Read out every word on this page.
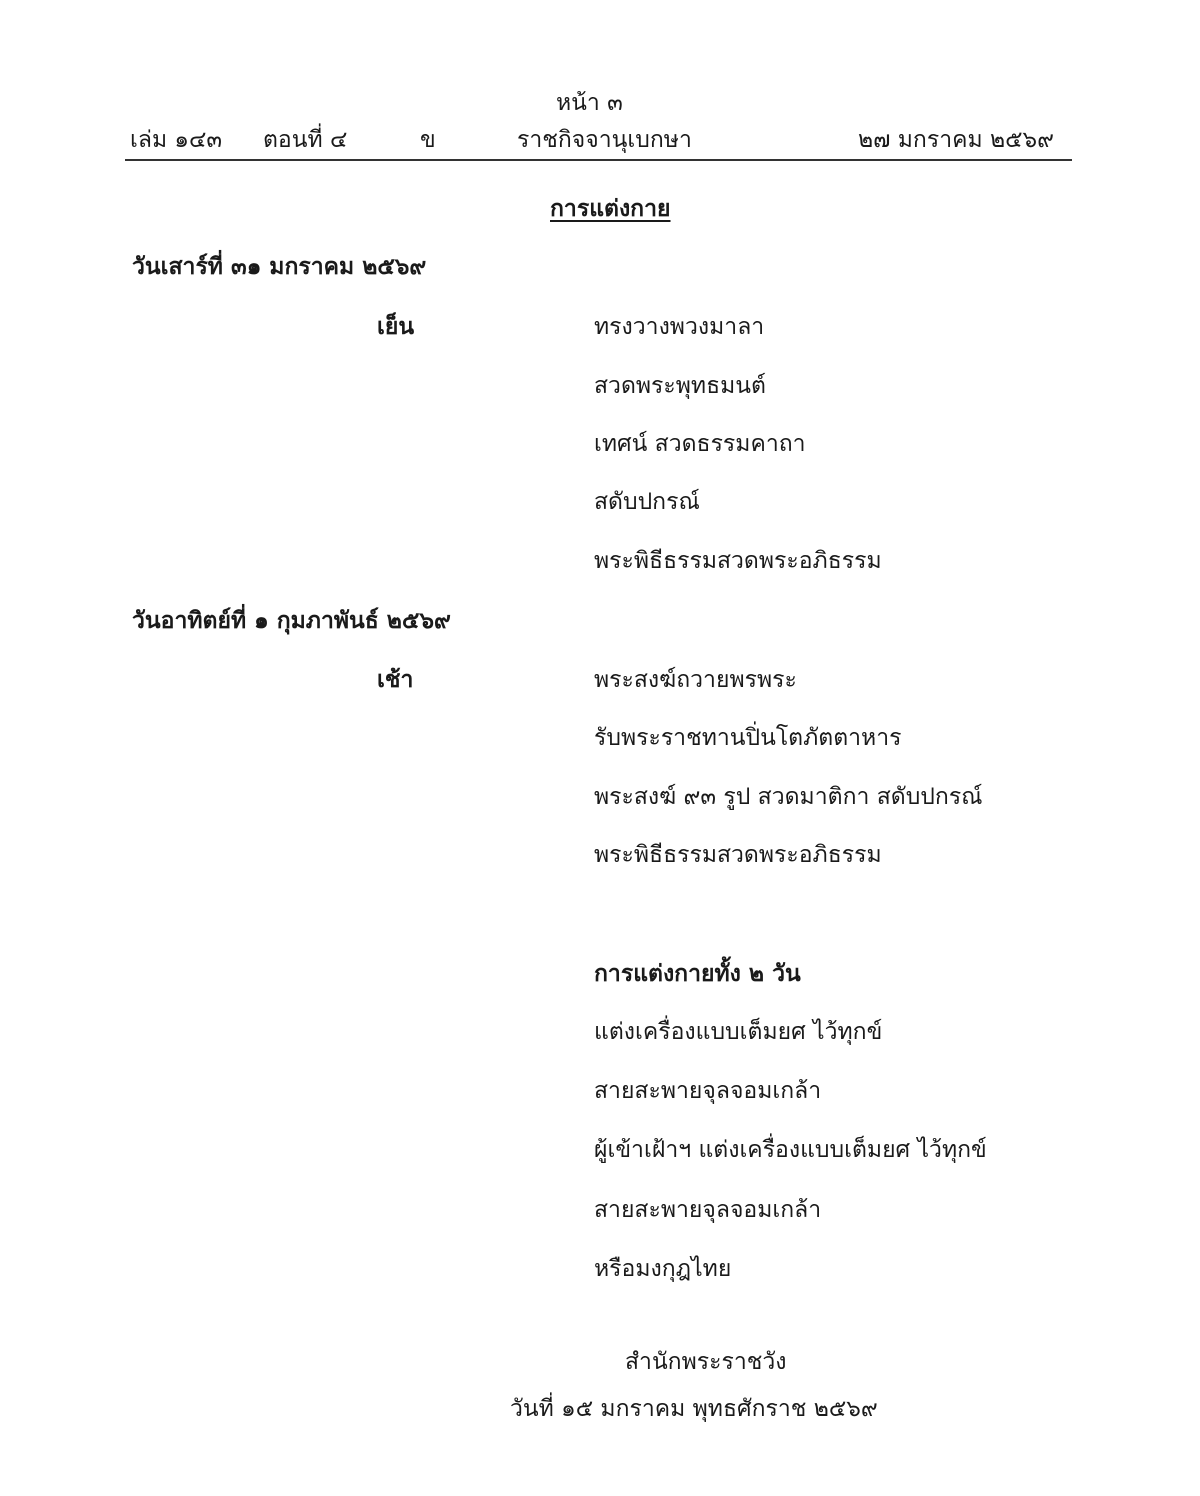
หน้า ๓
เล่ม ๑๔๓ ตอนที่ ๔	ข	ราชกิจจานุเบกษา	๒๗ มกราคม ๒๕๖๙
การแต่งกาย
วันเสาร์ที่ ๓๑ มกราคม ๒๕๖๙
เย็น	ทรงวางพวงมาลา
สวดพระพุทธมนต์
เทศน์ สวดธรรมคาถา
สดับปกรณ์
พระพิธีธรรมสวดพระอภิธรรม
วันอาทิตย์ที่ ๑ กุมภาพันธ์ ๒๕๖๙
เช้า	พระสงฆ์ถวายพรพระ
รับพระราชทานปิ่นโตภัตตาหาร
พระสงฆ์ ๙๓ รูป สวดมาติกา สดับปกรณ์
พระพิธีธรรมสวดพระอภิธรรม
การแต่งกายทั้ง ๒ วัน
แต่งเครื่องแบบเต็มยศ ไว้ทุกข์
สายสะพายจุลจอมเกล้า
ผู้เข้าเฝ้าฯ แต่งเครื่องแบบเต็มยศ ไว้ทุกข์
สายสะพายจุลจอมเกล้า
หรือมงกุฎไทย
สำนักพระราชวัง
วันที่ ๑๕ มกราคม พุทธศักราช ๒๕๖๙
